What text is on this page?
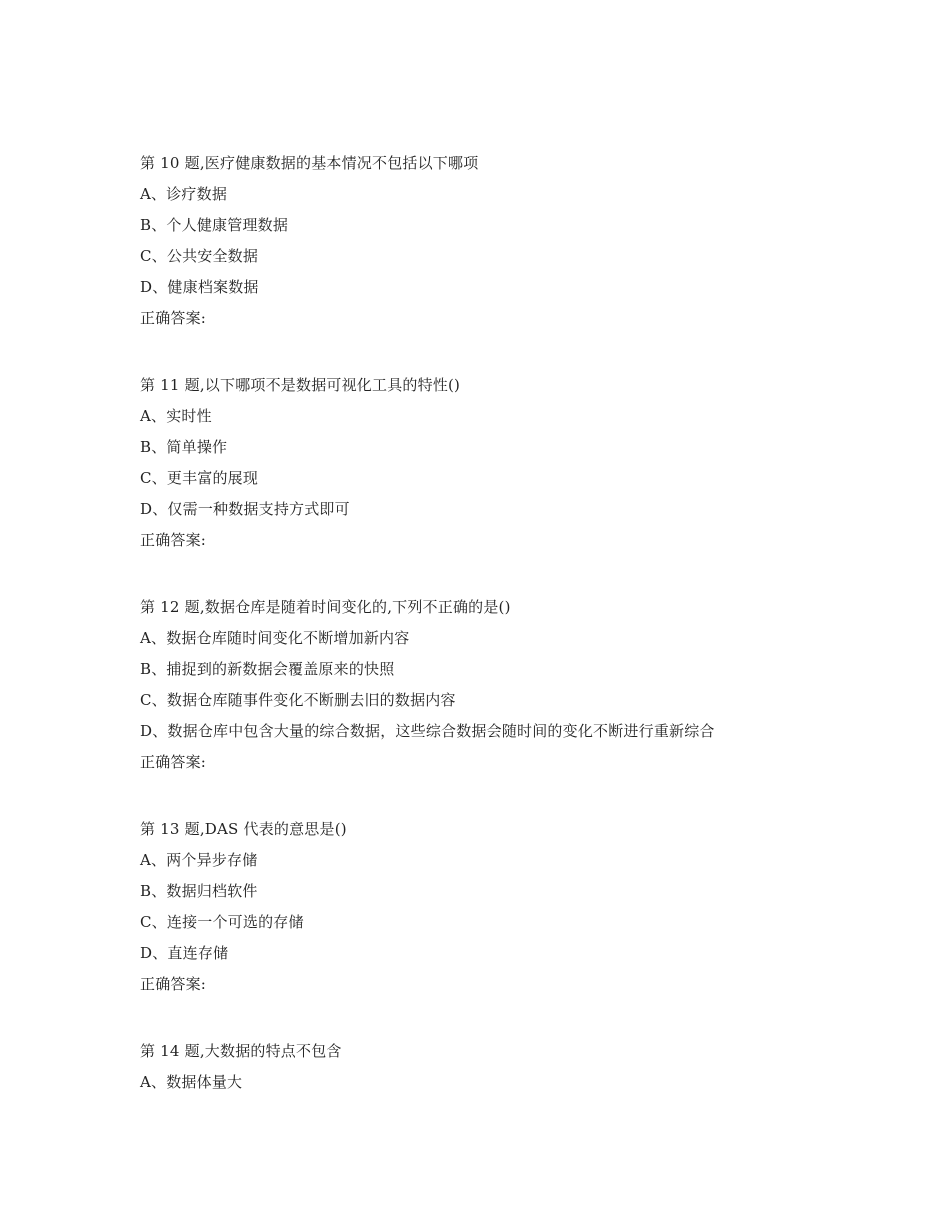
第 10 题,医疗健康数据的基本情况不包括以下哪项
A、诊疗数据
B、个人健康管理数据
C、公共安全数据
D、健康档案数据
正确答案:
第 11 题,以下哪项不是数据可视化工具的特性()
A、实时性
B、简单操作
C、更丰富的展现
D、仅需一种数据支持方式即可
正确答案:
第 12 题,数据仓库是随着时间变化的,下列不正确的是()
A、数据仓库随时间变化不断增加新内容
B、捕捉到的新数据会覆盖原来的快照
C、数据仓库随事件变化不断删去旧的数据内容
D、数据仓库中包含大量的综合数据，这些综合数据会随时间的变化不断进行重新综合
正确答案:
第 13 题,DAS 代表的意思是()
A、两个异步存储
B、数据归档软件
C、连接一个可选的存储
D、直连存储
正确答案:
第 14 题,大数据的特点不包含
A、数据体量大
